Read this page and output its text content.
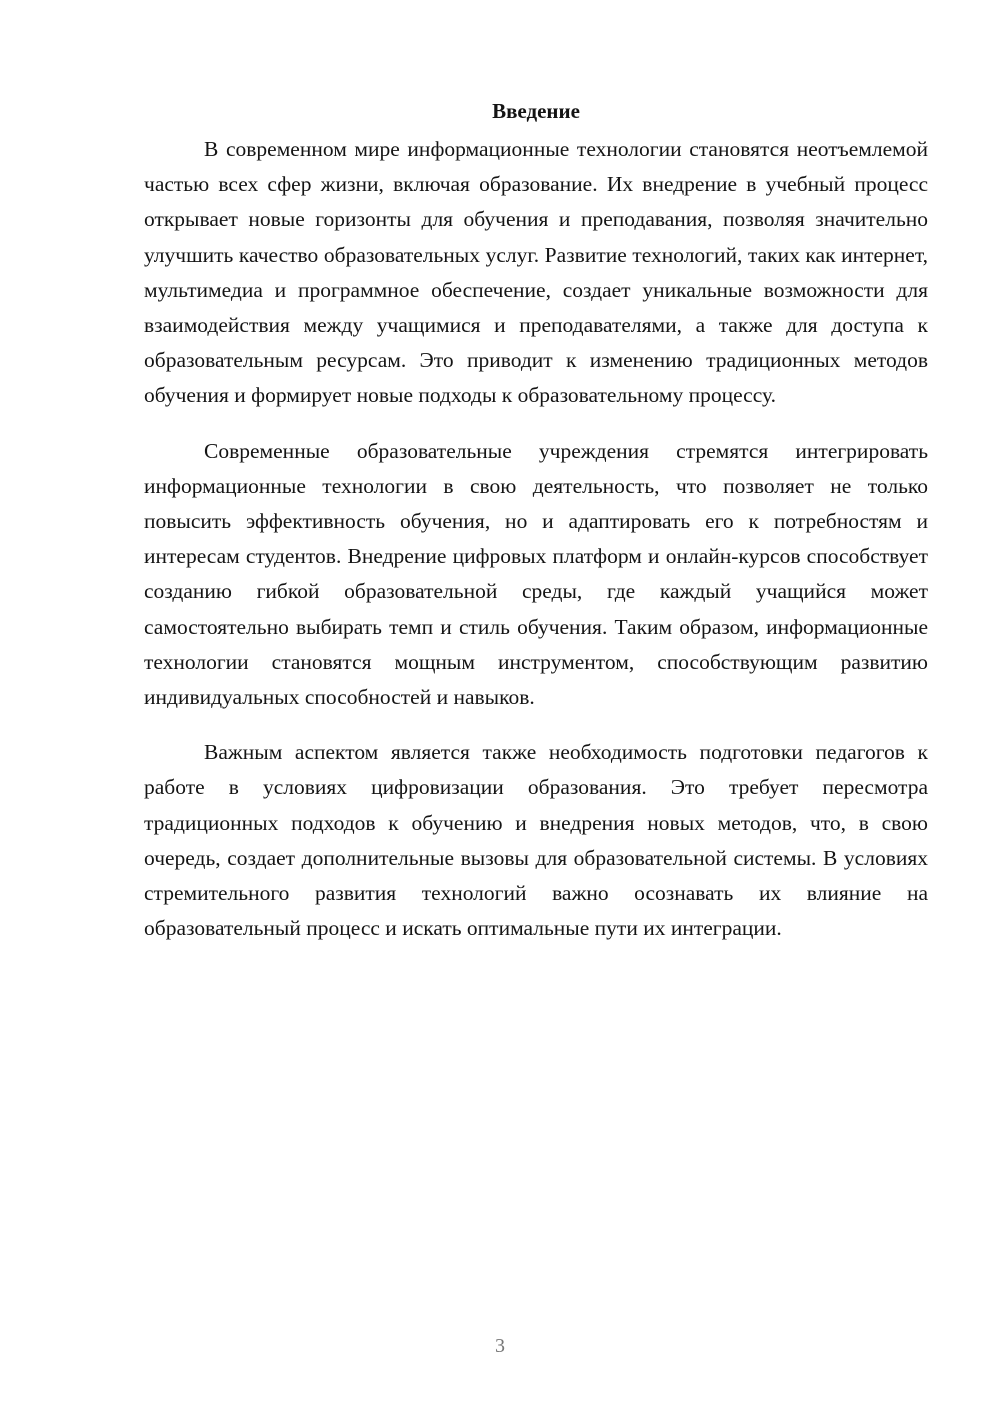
Введение

В современном мире информационные технологии становятся неотъемлемой частью всех сфер жизни, включая образование. Их внедрение в учебный процесс открывает новые горизонты для обучения и преподавания, позволяя значительно улучшить качество образовательных услуг. Развитие технологий, таких как интернет, мультимедиа и программное обеспечение, создает уникальные возможности для взаимодействия между учащимися и преподавателями, а также для доступа к образовательным ресурсам. Это приводит к изменению традиционных методов обучения и формирует новые подходы к образовательному процессу.

Современные образовательные учреждения стремятся интегрировать информационные технологии в свою деятельность, что позволяет не только повысить эффективность обучения, но и адаптировать его к потребностям и интересам студентов. Внедрение цифровых платформ и онлайн-курсов способствует созданию гибкой образовательной среды, где каждый учащийся может самостоятельно выбирать темп и стиль обучения. Таким образом, информационные технологии становятся мощным инструментом, способствующим развитию индивидуальных способностей и навыков.

Важным аспектом является также необходимость подготовки педагогов к работе в условиях цифровизации образования. Это требует пересмотра традиционных подходов к обучению и внедрения новых методов, что, в свою очередь, создает дополнительные вызовы для образовательной системы. В условиях стремительного развития технологий важно осознавать их влияние на образовательный процесс и искать оптимальные пути их интеграции.

3
